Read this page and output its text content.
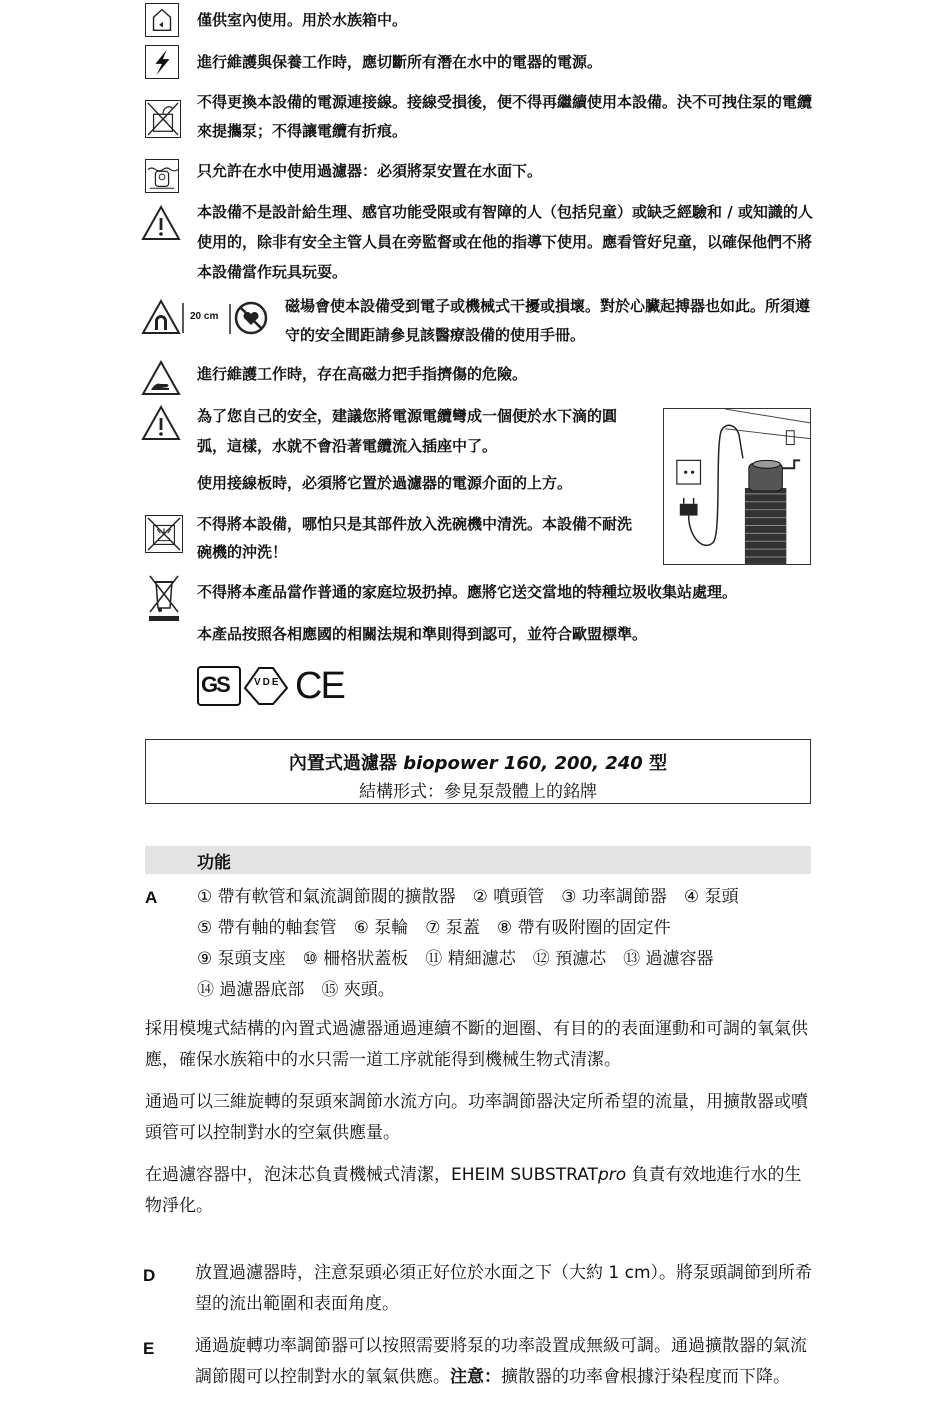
20 cm
僅供室內使用。用於水族箱中。
進行維護與保養工作時，應切斷所有潛在水中的電器的電源。
不得更換本設備的電源連接線。接線受損後，便不得再繼續使用本設備。決不可拽住泵的電纜來提攜泵；不得讓電纜有折痕。
只允許在水中使用過濾器：必須將泵安置在水面下。
本設備不是設計給生理、感官功能受限或有智障的人（包括兒童）或缺乏經驗和 / 或知識的人使用的，除非有安全主管人員在旁監督或在他的指導下使用。應看管好兒童，以確保他們不將本設備當作玩具玩耍。
磁場會使本設備受到電子或機械式干擾或損壞。對於心臟起搏器也如此。所須遵守的安全間距請參見該醫療設備的使用手冊。
進行維護工作時，存在高磁力把手指擠傷的危險。
為了您自己的安全，建議您將電源電纜彎成一個便於水下滴的圓弧，這樣，水就不會沿著電纜流入插座中了。
使用接線板時，必須將它置於過濾器的電源介面的上方。
不得將本設備，哪怕只是其部件放入洗碗機中清洗。本設備不耐洗碗機的沖洗！
不得將本產品當作普通的家庭垃圾扔掉。應將它送交當地的特種垃圾收集站處理。
本產品按照各相應國的相關法規和準則得到認可，並符合歐盟標準。
GS	VDE CE
內置式過濾器 biopower 160, 200, 240 型
結構形式：參見泵殼體上的銘牌
功能
A ① 帶有軟管和氣流調節閥的擴散器　② 噴頭管　③ 功率調節器　④ 泵頭
⑤ 帶有軸的軸套管　⑥ 泵輪　⑦ 泵蓋　⑧ 帶有吸附圈的固定件
⑨ 泵頭支座　⑩ 柵格狀蓋板　⑪ 精細濾芯　⑫ 預濾芯　⑬ 過濾容器
⑭ 過濾器底部　⑮ 夾頭。
採用模塊式結構的內置式過濾器通過連續不斷的迴圈、有目的的表面運動和可調的氧氣供應，確保水族箱中的水只需一道工序就能得到機械生物式清潔。
通過可以三維旋轉的泵頭來調節水流方向。功率調節器決定所希望的流量，用擴散器或噴頭管可以控制對水的空氣供應量。
在過濾容器中，泡沫芯負責機械式清潔，EHEIM SUBSTRATpro 負責有效地進行水的生物淨化。
D 放置過濾器時，注意泵頭必須正好位於水面之下（大約 1 cm）。將泵頭調節到所希望的流出範圍和表面角度。
E 通過旋轉功率調節器可以按照需要將泵的功率設置成無級可調。通過擴散器的氣流調節閥可以控制對水的氧氣供應。注意：擴散器的功率會根據汙染程度而下降。
